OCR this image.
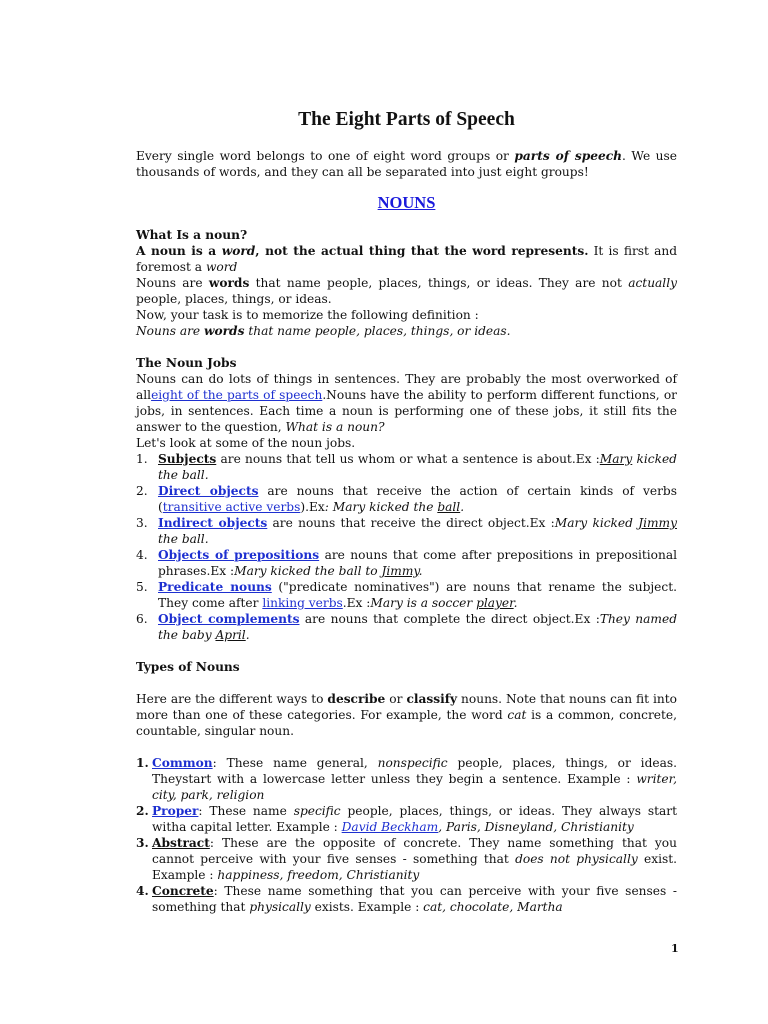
The Eight Parts of Speech

Every single word belongs to one of eight word groups or parts of speech. We use thousands of words, and they can all be separated into just eight groups!

NOUNS

What Is a noun?

A noun is a word, not the actual thing that the word represents. It is first and foremost a word

Nouns are words that name people, places, things, or ideas. They are not actually people, places, things, or ideas.

Now, your task is to memorize the following definition :

Nouns are words that name people, places, things, or ideas.

The Noun Jobs

Nouns can do lots of things in sentences. They are probably the most overworked of alleight of the parts of speech.Nouns have the ability to perform different functions, or jobs, in sentences. Each time a noun is performing one of these jobs, it still fits the answer to the question, What is a noun?

Let's look at some of the noun jobs.

1. Subjects are nouns that tell us whom or what a sentence is about.Ex :Mary kicked the ball.
2. Direct objects are nouns that receive the action of certain kinds of verbs (transitive active verbs).Ex: Mary kicked the ball.
3. Indirect objects are nouns that receive the direct object.Ex :Mary kicked Jimmy the ball.
4. Objects of prepositions are nouns that come after prepositions in prepositional phrases.Ex :Mary kicked the ball to Jimmy.
5. Predicate nouns ("predicate nominatives") are nouns that rename the subject. They come after linking verbs.Ex :Mary is a soccer player.
6. Object complements are nouns that complete the direct object.Ex :They named the baby April.

Types of Nouns

Here are the different ways to describe or classify nouns. Note that nouns can fit into more than one of these categories. For example, the word cat is a common, concrete, countable, singular noun.

1. Common: These name general, nonspecific people, places, things, or ideas. Theystart with a lowercase letter unless they begin a sentence. Example : writer, city, park, religion
2. Proper: These name specific people, places, things, or ideas. They always start witha capital letter. Example : David Beckham, Paris, Disneyland, Christianity
3. Abstract: These are the opposite of concrete. They name something that you cannot perceive with your five senses - something that does not physically exist. Example : happiness, freedom, Christianity
4. Concrete: These name something that you can perceive with your five senses - something that physically exists. Example : cat, chocolate, Martha
1
